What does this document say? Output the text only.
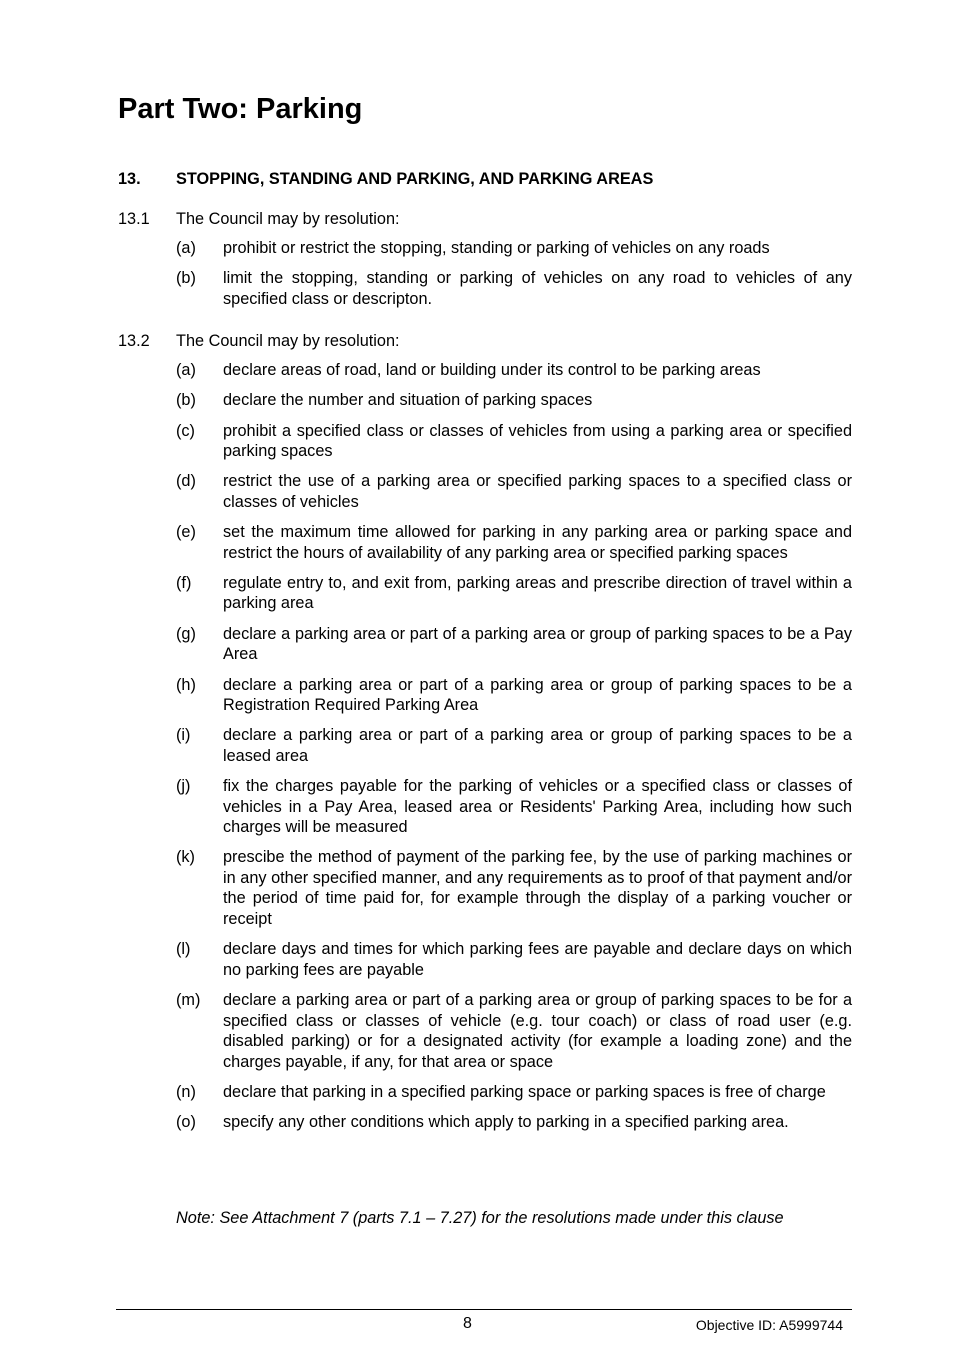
Part Two: Parking
13. STOPPING, STANDING AND PARKING, AND PARKING AREAS
13.1 The Council may by resolution:
(a) prohibit or restrict the stopping, standing or parking of vehicles on any roads
(b) limit the stopping, standing or parking of vehicles on any road to vehicles of any specified class or descripton.
13.2 The Council may by resolution:
(a) declare areas of road, land or building under its control to be parking areas
(b) declare the number and situation of parking spaces
(c) prohibit a specified class or classes of vehicles from using a parking area or specified parking spaces
(d) restrict the use of a parking area or specified parking spaces to a specified class or classes of vehicles
(e) set the maximum time allowed for parking in any parking area or parking space and restrict the hours of availability of any parking area or specified parking spaces
(f) regulate entry to, and exit from, parking areas and prescribe direction of travel within a parking area
(g) declare a parking area or part of a parking area or group of parking spaces to be a Pay Area
(h) declare a parking area or part of a parking area or group of parking spaces to be a Registration Required Parking Area
(i) declare a parking area or part of a parking area or group of parking spaces to be a leased area
(j) fix the charges payable for the parking of vehicles or a specified class or classes of vehicles in a Pay Area, leased area or Residents' Parking Area, including how such charges will be measured
(k) prescibe the method of payment of the parking fee, by the use of parking machines or in any other specified manner, and any requirements as to proof of that payment and/or the period of time paid for, for example through the display of a parking voucher or receipt
(l) declare days and times for which parking fees are payable and declare days on which no parking fees are payable
(m) declare a parking area or part of a parking area or group of parking spaces to be for a specified class or classes of vehicle (e.g. tour coach) or class of road user (e.g. disabled parking) or for a designated activity (for example a loading zone) and the charges payable, if any, for that area or space
(n) declare that parking in a specified parking space or parking spaces is free of charge
(o) specify any other conditions which apply to parking in a specified parking area.
Note: See Attachment 7 (parts 7.1 – 7.27) for the resolutions made under this clause
8	Objective ID: A5999744
